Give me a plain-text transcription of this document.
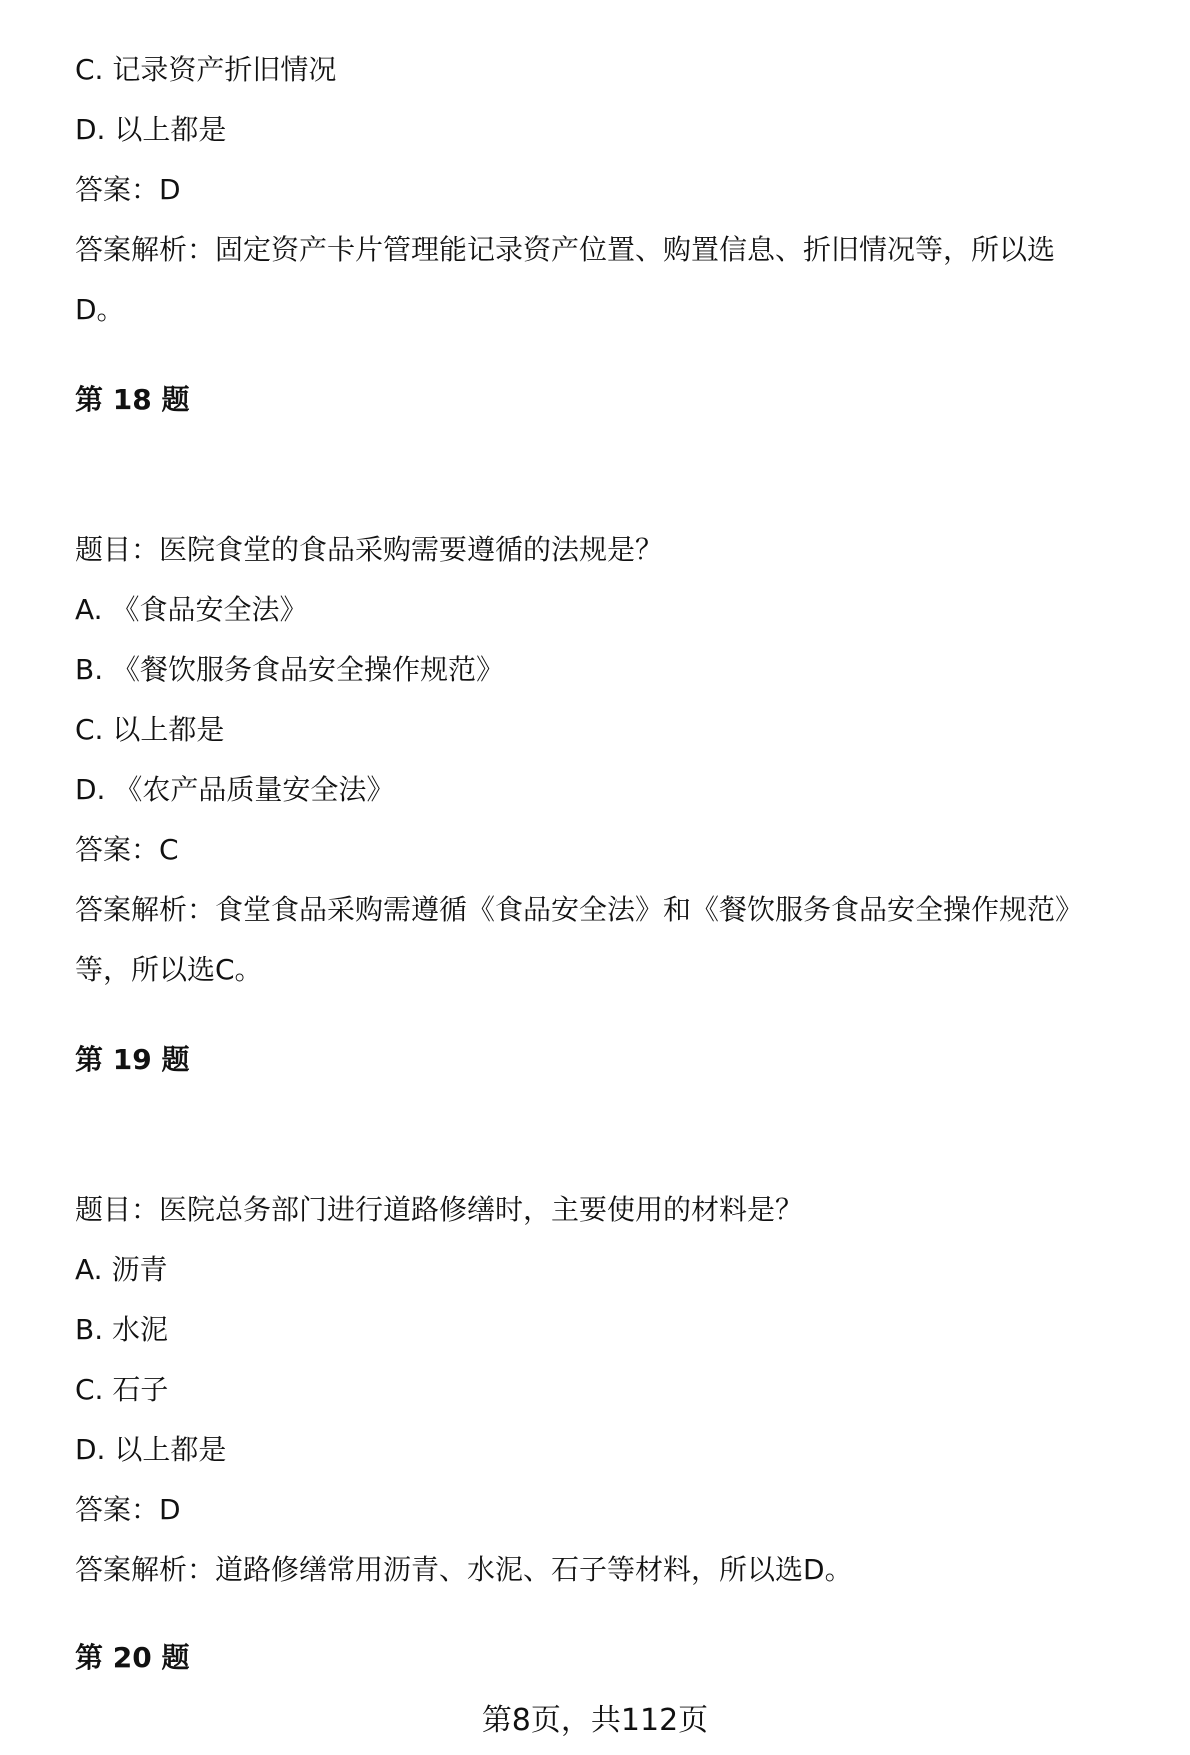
C. 记录资产折旧情况
D. 以上都是
答案：D
答案解析：固定资产卡片管理能记录资产位置、购置信息、折旧情况等，所以选
D。
第 18 题
题目：医院食堂的食品采购需要遵循的法规是？
A. 《食品安全法》
B. 《餐饮服务食品安全操作规范》
C. 以上都是
D. 《农产品质量安全法》
答案：C
答案解析：食堂食品采购需遵循《食品安全法》和《餐饮服务食品安全操作规范》
等，所以选C。
第 19 题
题目：医院总务部门进行道路修缮时，主要使用的材料是？
A. 沥青
B. 水泥
C. 石子
D. 以上都是
答案：D
答案解析：道路修缮常用沥青、水泥、石子等材料，所以选D。
第 20 题
第8页，共112页
